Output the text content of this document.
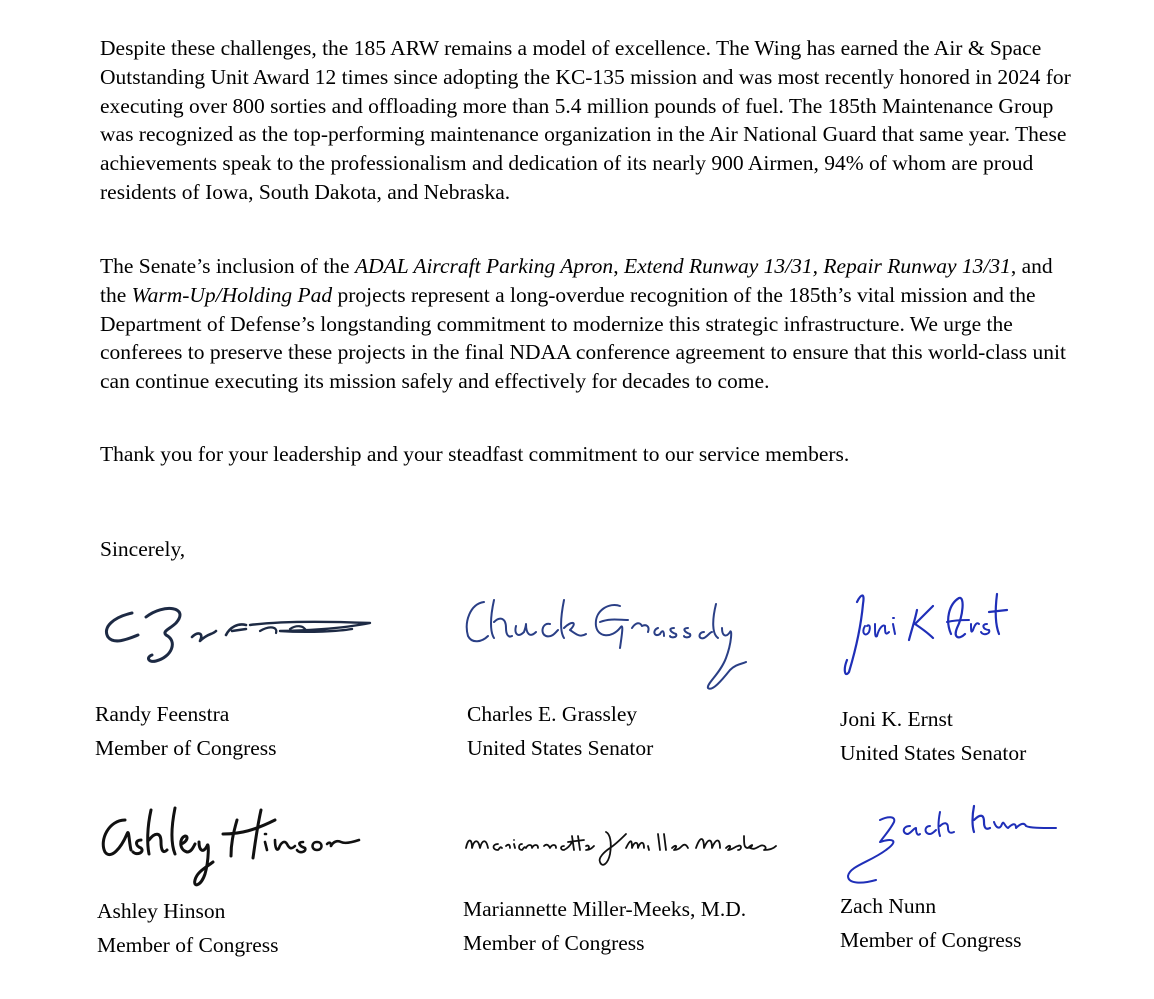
Despite these challenges, the 185 ARW remains a model of excellence. The Wing has earned the Air & Space Outstanding Unit Award 12 times since adopting the KC-135 mission and was most recently honored in 2024 for executing over 800 sorties and offloading more than 5.4 million pounds of fuel. The 185th Maintenance Group was recognized as the top-performing maintenance organization in the Air National Guard that same year. These achievements speak to the professionalism and dedication of its nearly 900 Airmen, 94% of whom are proud residents of Iowa, South Dakota, and Nebraska.

The Senate’s inclusion of the ADAL Aircraft Parking Apron, Extend Runway 13/31, Repair Runway 13/31, and the Warm-Up/Holding Pad projects represent a long-overdue recognition of the 185th’s vital mission and the Department of Defense’s longstanding commitment to modernize this strategic infrastructure. We urge the conferees to preserve these projects in the final NDAA conference agreement to ensure that this world-class unit can continue executing its mission safely and effectively for decades to come.

Thank you for your leadership and your steadfast commitment to our service members.

Sincerely,
Randy Feenstra
Member of Congress
Charles E. Grassley
United States Senator
Joni K. Ernst
United States Senator
Ashley Hinson
Member of Congress
Mariannette Miller-Meeks, M.D.
Member of Congress
Zach Nunn
Member of Congress
